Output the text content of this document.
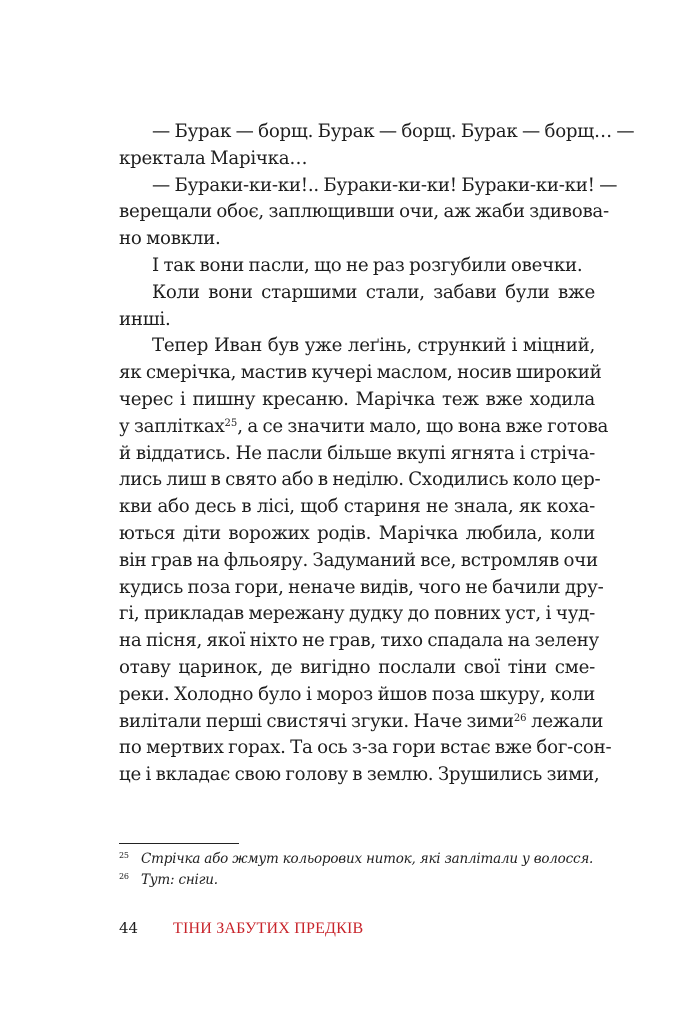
— Бурак — борщ. Бурак — борщ. Бурак — борщ… —
кректала Марічка…
— Бураки-ки-ки!.. Бураки-ки-ки! Бураки-ки-ки! —
верещали обоє, заплющивши очи, аж жаби здивова-
но мовкли.
І так вони пасли, що не раз розгубили овечки.
Коли вони старшими стали, забави були вже
инші.
Тепер Иван був уже леґінь, стрункий і міцний,
як смерічка, мастив кучері маслом, носив широкий
черес і пишну кресаню. Марічка теж вже ходила
у заплітках$^{25}$, а се значити мало, що вона вже готова
й віддатись. Не пасли більше вкупі ягнята і стріча-
лись лиш в свято або в неділю. Сходились коло цер-
кви або десь в лісі, щоб стариня не знала, як коха-
ються діти ворожих родів. Марічка любила, коли
він грав на фльояру. Задуманий все, встромляв очи
кудись поза гори, неначе видів, чого не бачили дру-
гі, прикладав мережану дудку до повних уст, і чуд-
на пісня, якої ніхто не грав, тихо спадала на зелену
отаву царинок, де вигідно послали свої тіни сме-
реки. Холодно було і мороз йшов поза шкуру, коли
вилітали перші свистячі згуки. Наче зими$^{26}$ лежали
по мертвих горах. Та ось з-за гори встає вже бог-сон-
це і вкладає свою голову в землю. Зрушились зими,
25 Стрічка або жмут кольорових ниток, які заплітали у волосся.
26 Тут: сніги.
44 ТІНИ ЗАБУТИХ ПРЕДКІВ
